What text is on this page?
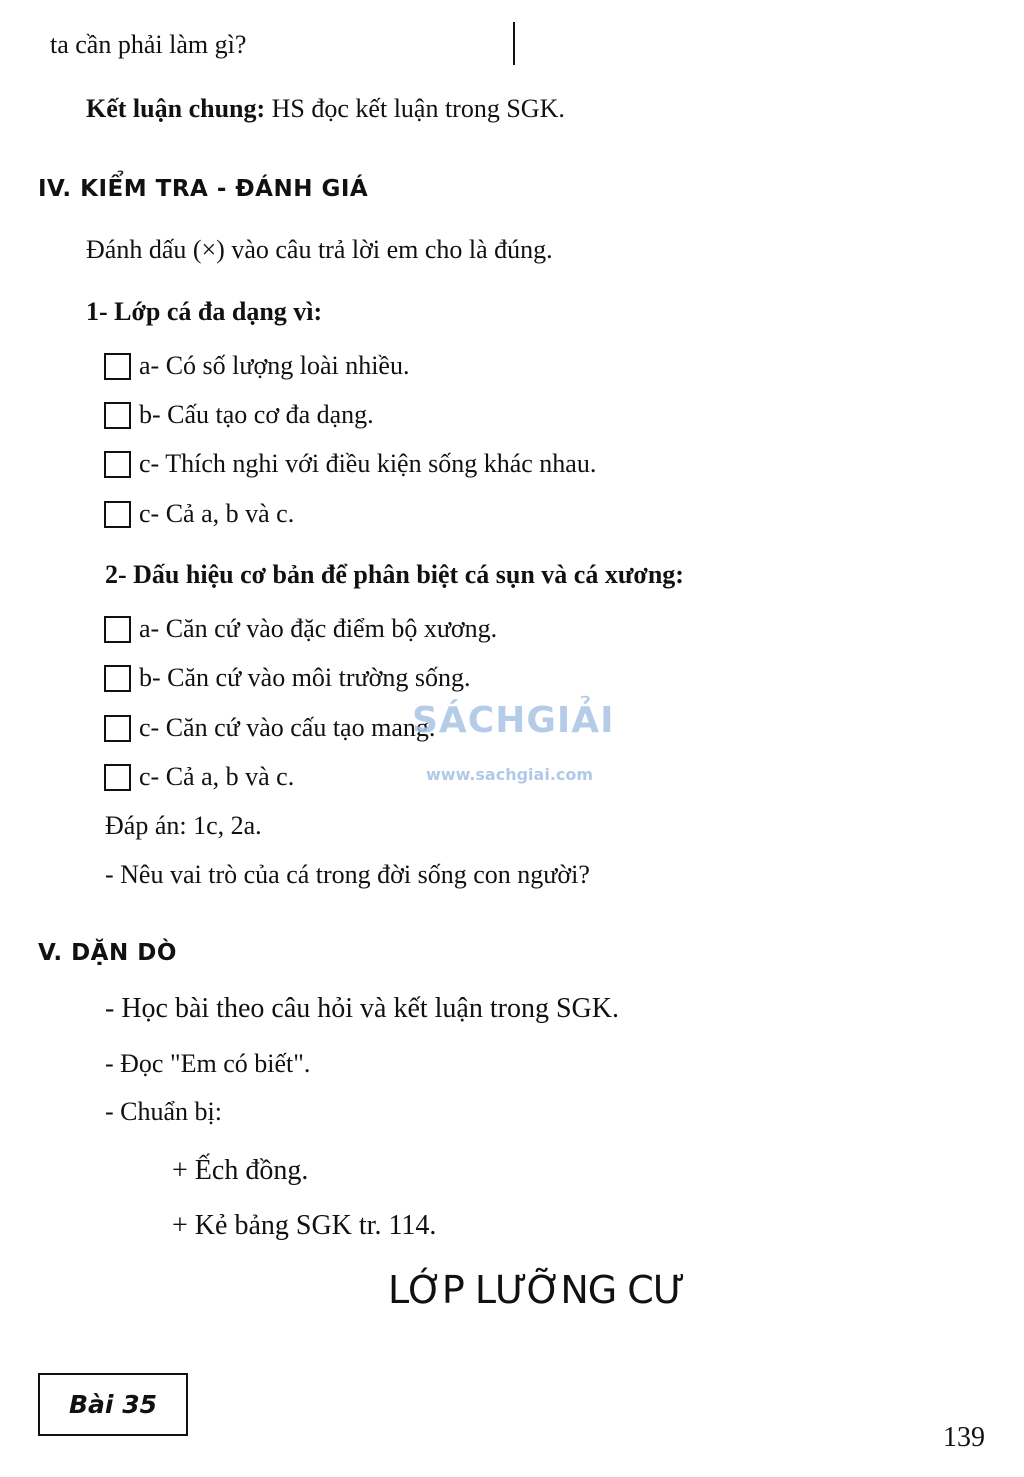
ta cần phải làm gì?
Kết luận chung: HS đọc kết luận trong SGK.
IV. KIỂM TRA - ĐÁNH GIÁ
Đánh dấu (×) vào câu trả lời em cho là đúng.
1- Lớp cá đa dạng vì:
a- Có số lượng loài nhiều.
b- Cấu tạo cơ đa dạng.
c- Thích nghi với điều kiện sống khác nhau.
c- Cả a, b và c.
2- Dấu hiệu cơ bản để phân biệt cá sụn và cá xương:
a- Căn cứ vào đặc điểm bộ xương.
b- Căn cứ vào môi trường sống.
c- Căn cứ vào cấu tạo mang.
c- Cả a, b và c.
Đáp án: 1c, 2a.
- Nêu vai trò của cá trong đời sống con người?
V. DẶN DÒ
- Học bài theo câu hỏi và kết luận trong SGK.
- Đọc "Em có biết".
- Chuẩn bị:
+ Ếch đồng.
+ Kẻ bảng SGK tr. 114.
LỚP LƯỠNG CƯ
Bài 35
139
SÁCHGIẢI
www.sachgiai.com
